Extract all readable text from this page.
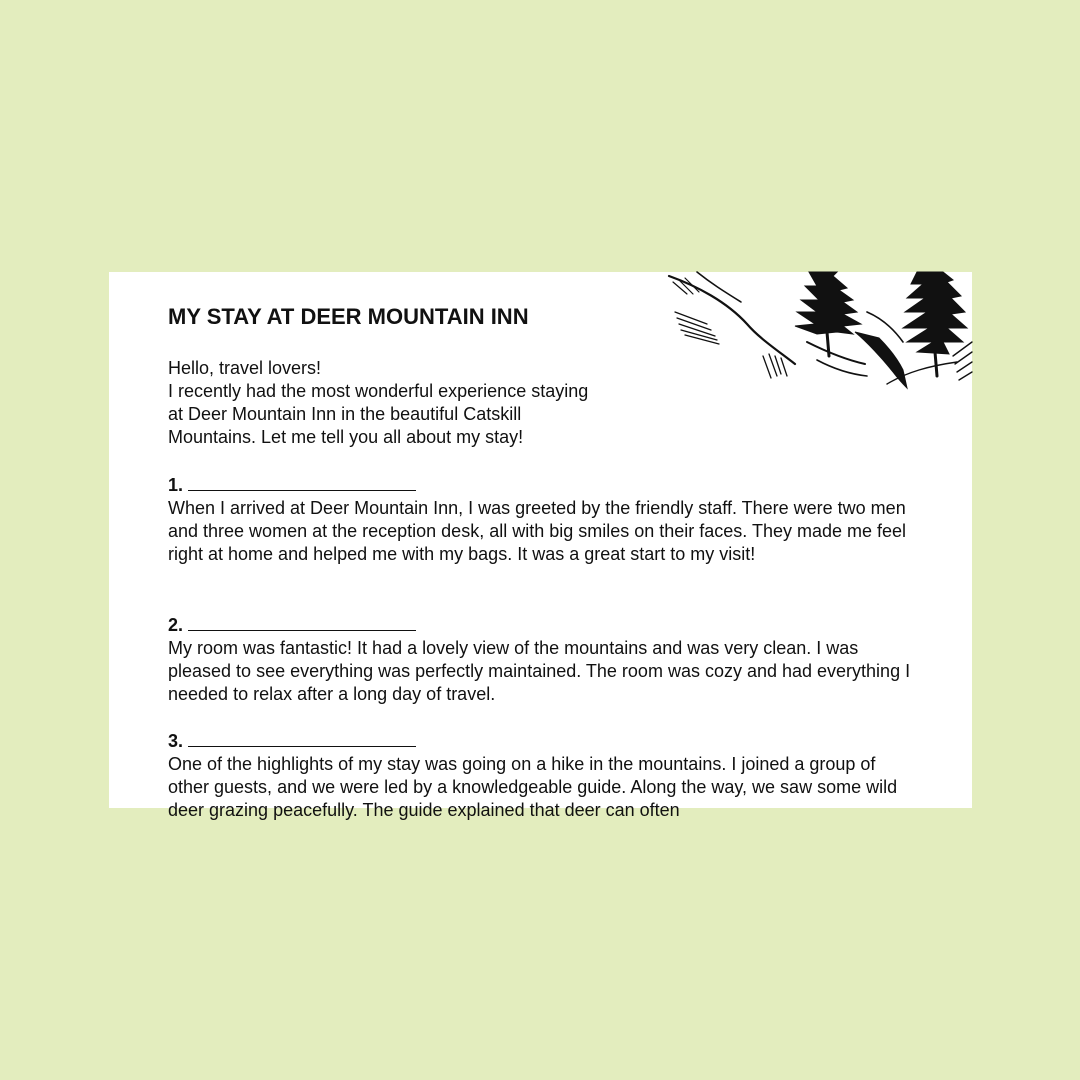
MY STAY AT DEER MOUNTAIN INN

Hello, travel lovers!
I recently had the most wonderful experience staying
at Deer Mountain Inn in the beautiful Catskill
Mountains. Let me tell you all about my stay!

1.

When I arrived at Deer Mountain Inn, I was greeted by the friendly staff. There were two men and three women at the reception desk, all with big smiles on their faces. They made me feel right at home and helped me with my bags. It was a great start to my visit!

2.

My room was fantastic! It had a lovely view of the mountains and was very clean. I was pleased to see everything was perfectly maintained. The room was cozy and had everything I needed to relax after a long day of travel.

3.

One of the highlights of my stay was going on a hike in the mountains. I joined a group of other guests, and we were led by a knowledgeable guide. Along the way, we saw some wild deer grazing peacefully. The guide explained that deer can often
